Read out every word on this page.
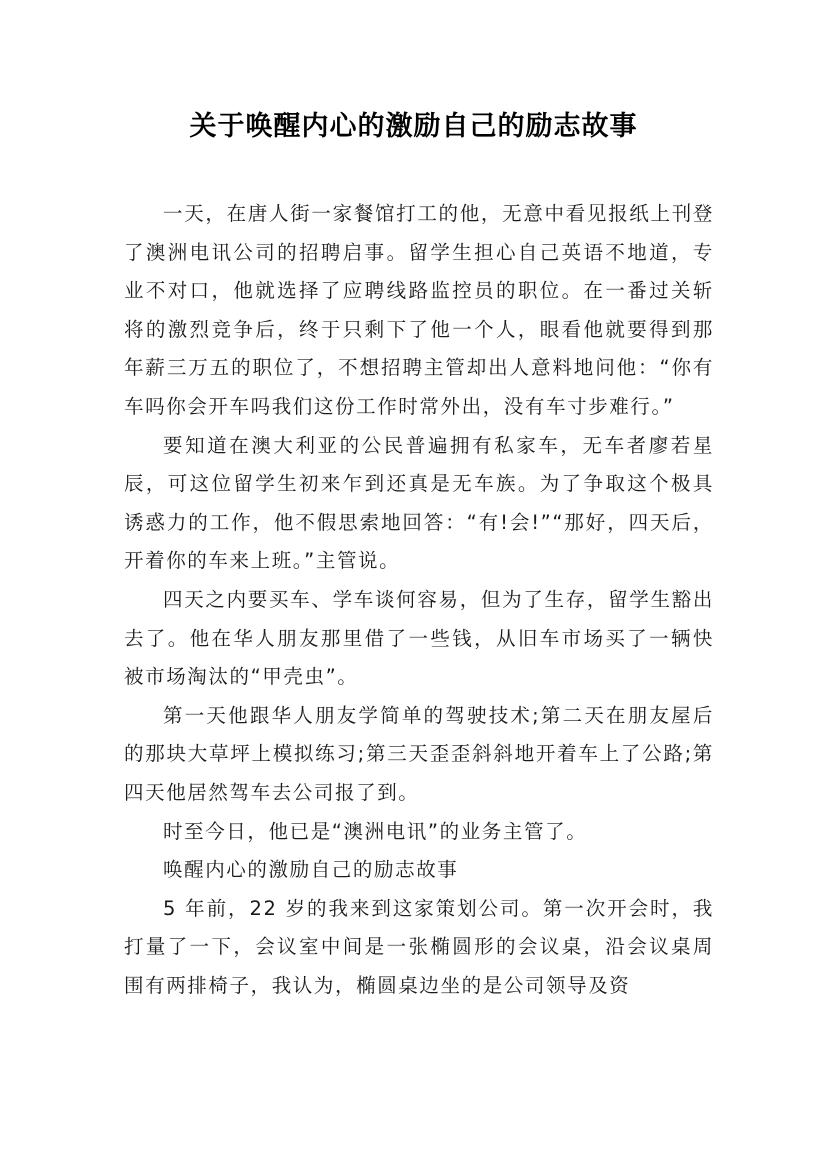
关于唤醒内心的激励自己的励志故事

一天，在唐人街一家餐馆打工的他，无意中看见报纸上刊登了澳洲电讯公司的招聘启事。留学生担心自己英语不地道，专业不对口，他就选择了应聘线路监控员的职位。在一番过关斩将的激烈竞争后，终于只剩下了他一个人，眼看他就要得到那年薪三万五的职位了，不想招聘主管却出人意料地问他：“你有车吗你会开车吗我们这份工作时常外出，没有车寸步难行。”

要知道在澳大利亚的公民普遍拥有私家车，无车者廖若星辰，可这位留学生初来乍到还真是无车族。为了争取这个极具诱惑力的工作，他不假思索地回答：“有!会!”“那好，四天后，开着你的车来上班。”主管说。

四天之内要买车、学车谈何容易，但为了生存，留学生豁出去了。他在华人朋友那里借了一些钱，从旧车市场买了一辆快被市场淘汰的“甲壳虫”。

第一天他跟华人朋友学简单的驾驶技术;第二天在朋友屋后的那块大草坪上模拟练习;第三天歪歪斜斜地开着车上了公路;第四天他居然驾车去公司报了到。

时至今日，他已是“澳洲电讯”的业务主管了。

唤醒内心的激励自己的励志故事

5 年前，22 岁的我来到这家策划公司。第一次开会时，我打量了一下，会议室中间是一张椭圆形的会议桌，沿会议桌周围有两排椅子，我认为，椭圆桌边坐的是公司领导及资
